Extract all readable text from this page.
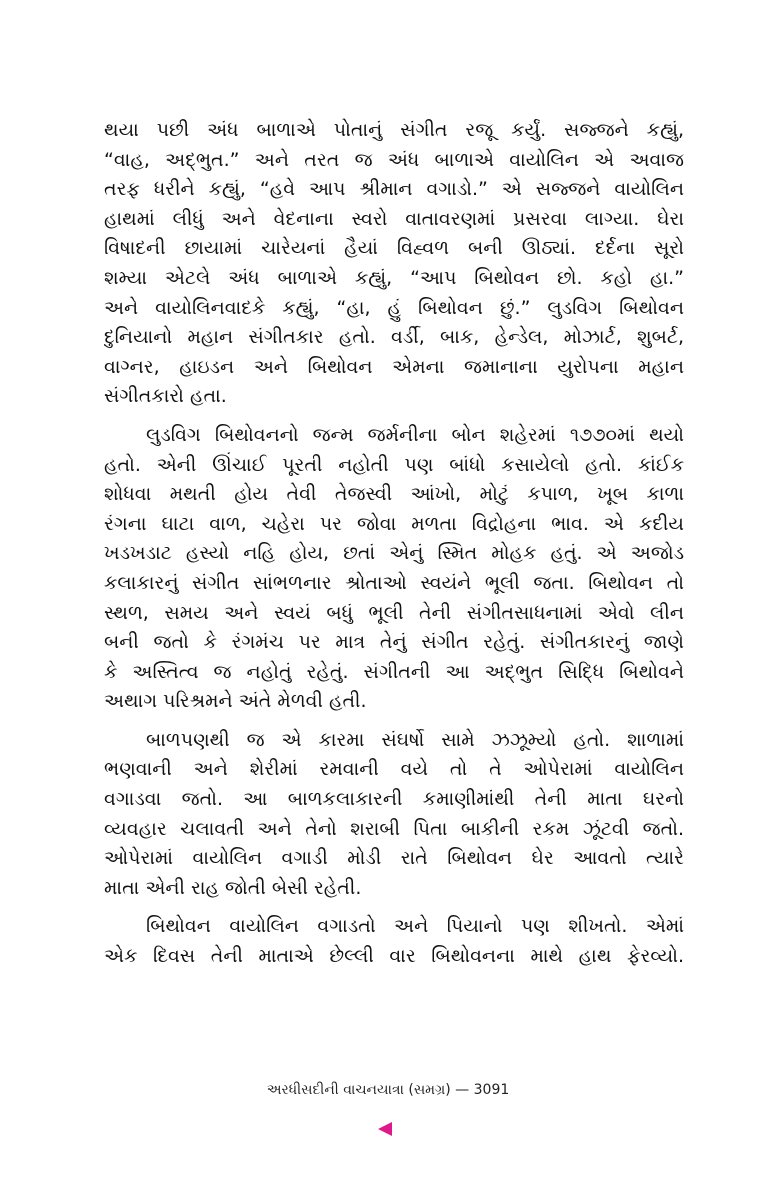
થયા પછી અંધ બાળાએ પોતાનું સંગીત રજૂ કર્યું. સજ્જને કહ્યું,
“વાહ, અદ્ભુત.” અને તરત જ અંધ બાળાએ વાયોલિન એ અવાજ
તરફ ધરીને કહ્યું, “હવે આપ શ્રીમાન વગાડો.” એ સજ્જને વાયોલિન
હાથમાં લીધું અને વેદનાના સ્વરો વાતાવરણમાં પ્રસરવા લાગ્યા. ઘેરા
વિષાદની છાયામાં ચારેયનાં હૈયાં વિહ્વળ બની ઊઠ્યાં. દર્દના સૂરો
શમ્યા એટલે અંધ બાળાએ કહ્યું, “આપ બિથોવન છો. કહો હા.”
અને વાયોલિનવાદકે કહ્યું, “હા, હું બિથોવન છું.” લુડવિગ બિથોવન
દુનિયાનો મહાન સંગીતકાર હતો. વર્ડી, બાક, હેન્ડેલ, મોઝાર્ટ, શુબર્ટ,
વાગ્નર, હાઇડન અને બિથોવન એમના જમાનાના યુરોપના મહાન
સંગીતકારો હતા.
લુડવિગ બિથોવનનો જન્મ જર્મનીના બોન શહેરમાં ૧૭૭૦માં થયો
હતો. એની ઊંચાઈ પૂરતી નહોતી પણ બાંધો કસાયેલો હતો. કાંઈક
શોધવા મથતી હોય તેવી તેજસ્વી આંખો, મોટું કપાળ, ખૂબ કાળા
રંગના ઘાટા વાળ, ચહેરા પર જોવા મળતા વિદ્રોહના ભાવ. એ કદીય
ખડખડાટ હસ્યો નહિ હોય, છતાં એનું સ્મિત મોહક હતું. એ અજોડ
કલાકારનું સંગીત સાંભળનાર શ્રોતાઓ સ્વયંને ભૂલી જતા. બિથોવન તો
સ્થળ, સમય અને સ્વયં બધું ભૂલી તેની સંગીતસાધનામાં એવો લીન
બની જતો કે રંગમંચ પર માત્ર તેનું સંગીત રહેતું. સંગીતકારનું જાણે
કે અસ્તિત્વ જ નહોતું રહેતું. સંગીતની આ અદ્ભુત સિદ્ધિ બિથોવને
અથાગ પરિશ્રમને અંતે મેળવી હતી.
બાળપણથી જ એ કારમા સંઘર્ષો સામે ઝઝૂમ્યો હતો. શાળામાં
ભણવાની અને શેરીમાં રમવાની વયે તો તે ઓપેરામાં વાયોલિન
વગાડવા જતો. આ બાળકલાકારની કમાણીમાંથી તેની માતા ઘરનો
વ્યવહાર ચલાવતી અને તેનો શરાબી પિતા બાકીની રકમ ઝૂંટવી જતો.
ઓપેરામાં વાયોલિન વગાડી મોડી રાતે બિથોવન ઘેર આવતો ત્યારે
માતા એની રાહ જોતી બેસી રહેતી.
બિથોવન વાયોલિન વગાડતો અને પિયાનો પણ શીખતો. એમાં
એક દિવસ તેની માતાએ છેલ્લી વાર બિથોવનના માથે હાથ ફેરવ્યો.
અરધીસદીની વાચનયાત્રા (સમગ્ર) — 3091
